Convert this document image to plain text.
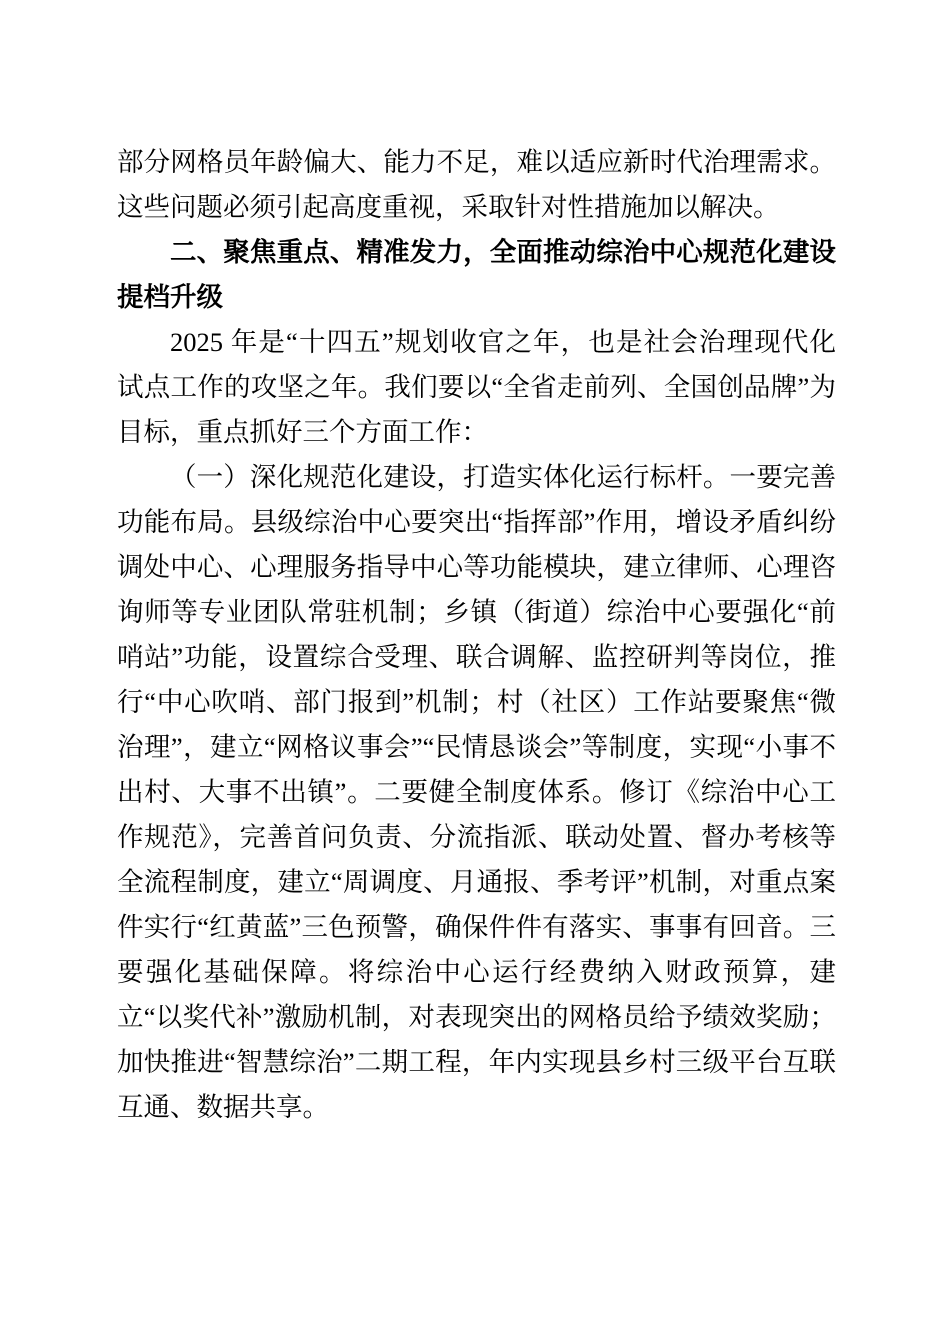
部分网格员年龄偏大、能力不足，难以适应新时代治理需求。这些问题必须引起高度重视，采取针对性措施加以解决。

二、聚焦重点、精准发力，全面推动综治中心规范化建设提档升级

2025 年是“十四五”规划收官之年，也是社会治理现代化试点工作的攻坚之年。我们要以“全省走前列、全国创品牌”为目标，重点抓好三个方面工作：

（一）深化规范化建设，打造实体化运行标杆。一要完善功能布局。县级综治中心要突出“指挥部”作用，增设矛盾纠纷调处中心、心理服务指导中心等功能模块，建立律师、心理咨询师等专业团队常驻机制；乡镇（街道）综治中心要强化“前哨站”功能，设置综合受理、联合调解、监控研判等岗位，推行“中心吹哨、部门报到”机制；村（社区）工作站要聚焦“微治理”，建立“网格议事会”“民情恳谈会”等制度，实现“小事不出村、大事不出镇”。二要健全制度体系。修订《综治中心工作规范》，完善首问负责、分流指派、联动处置、督办考核等全流程制度，建立“周调度、月通报、季考评”机制，对重点案件实行“红黄蓝”三色预警，确保件件有落实、事事有回音。三要强化基础保障。将综治中心运行经费纳入财政预算，建立“以奖代补”激励机制，对表现突出的网格员给予绩效奖励；加快推进“智慧综治”二期工程，年内实现县乡村三级平台互联互通、数据共享。
